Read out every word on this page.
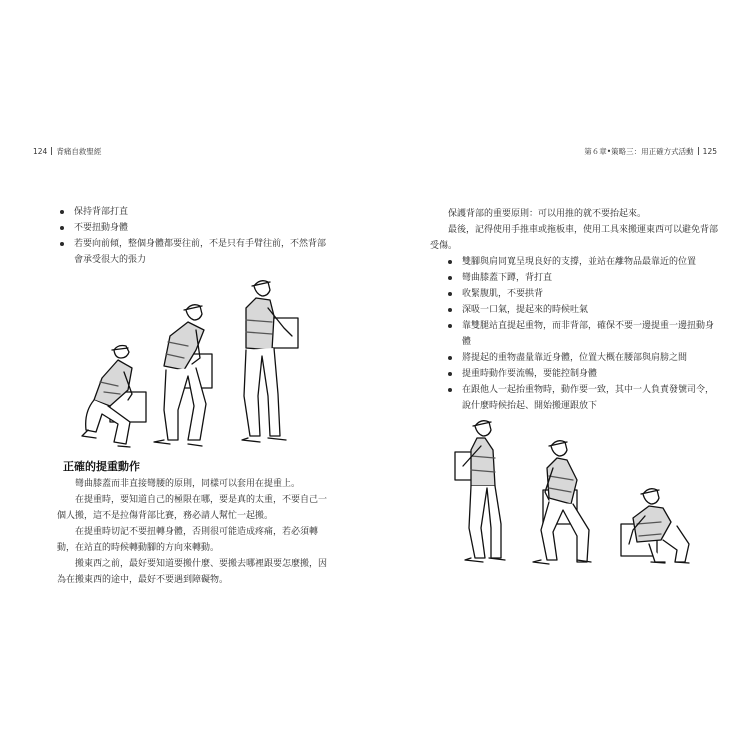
124 背痛自救聖經
保持背部打直
不要扭動身體
若要向前傾，整個身體都要往前，不是只有手臂往前，不然背部會承受很大的張力
正確的提重動作

彎曲膝蓋而非直接彎腰的原則，同樣可以套用在提重上。

在提重時，要知道自己的極限在哪，要是真的太重，不要自己一個人搬，這不是拉傷背部比賽，務必請人幫忙一起搬。

在提重時切記不要扭轉身體，否則很可能造成疼痛，若必須轉動，在站直的時候轉動腳的方向來轉動。

搬東西之前，最好要知道要搬什麼、要搬去哪裡跟要怎麼搬，因為在搬東西的途中，最好不要遇到障礙物。

第６章•策略三：用正確方式活動 125

保護背部的重要原則：可以用推的就不要抬起來。

最後，記得使用手推車或拖板車，使用工具來搬運東西可以避免背部受傷。

雙腳與肩同寬呈現良好的支撐，並站在離物品最靠近的位置
彎曲膝蓋下蹲，背打直
收緊腹肌，不要拱背
深吸一口氣，提起來的時候吐氣
靠雙腿站直提起重物，而非背部，確保不要一邊提重一邊扭動身體
將提起的重物盡量靠近身體，位置大概在腰部與肩膀之間
提重時動作要流暢，要能控制身體
在跟他人一起抬重物時，動作要一致，其中一人負責發號司令，說什麼時候抬起、開始搬運跟放下
